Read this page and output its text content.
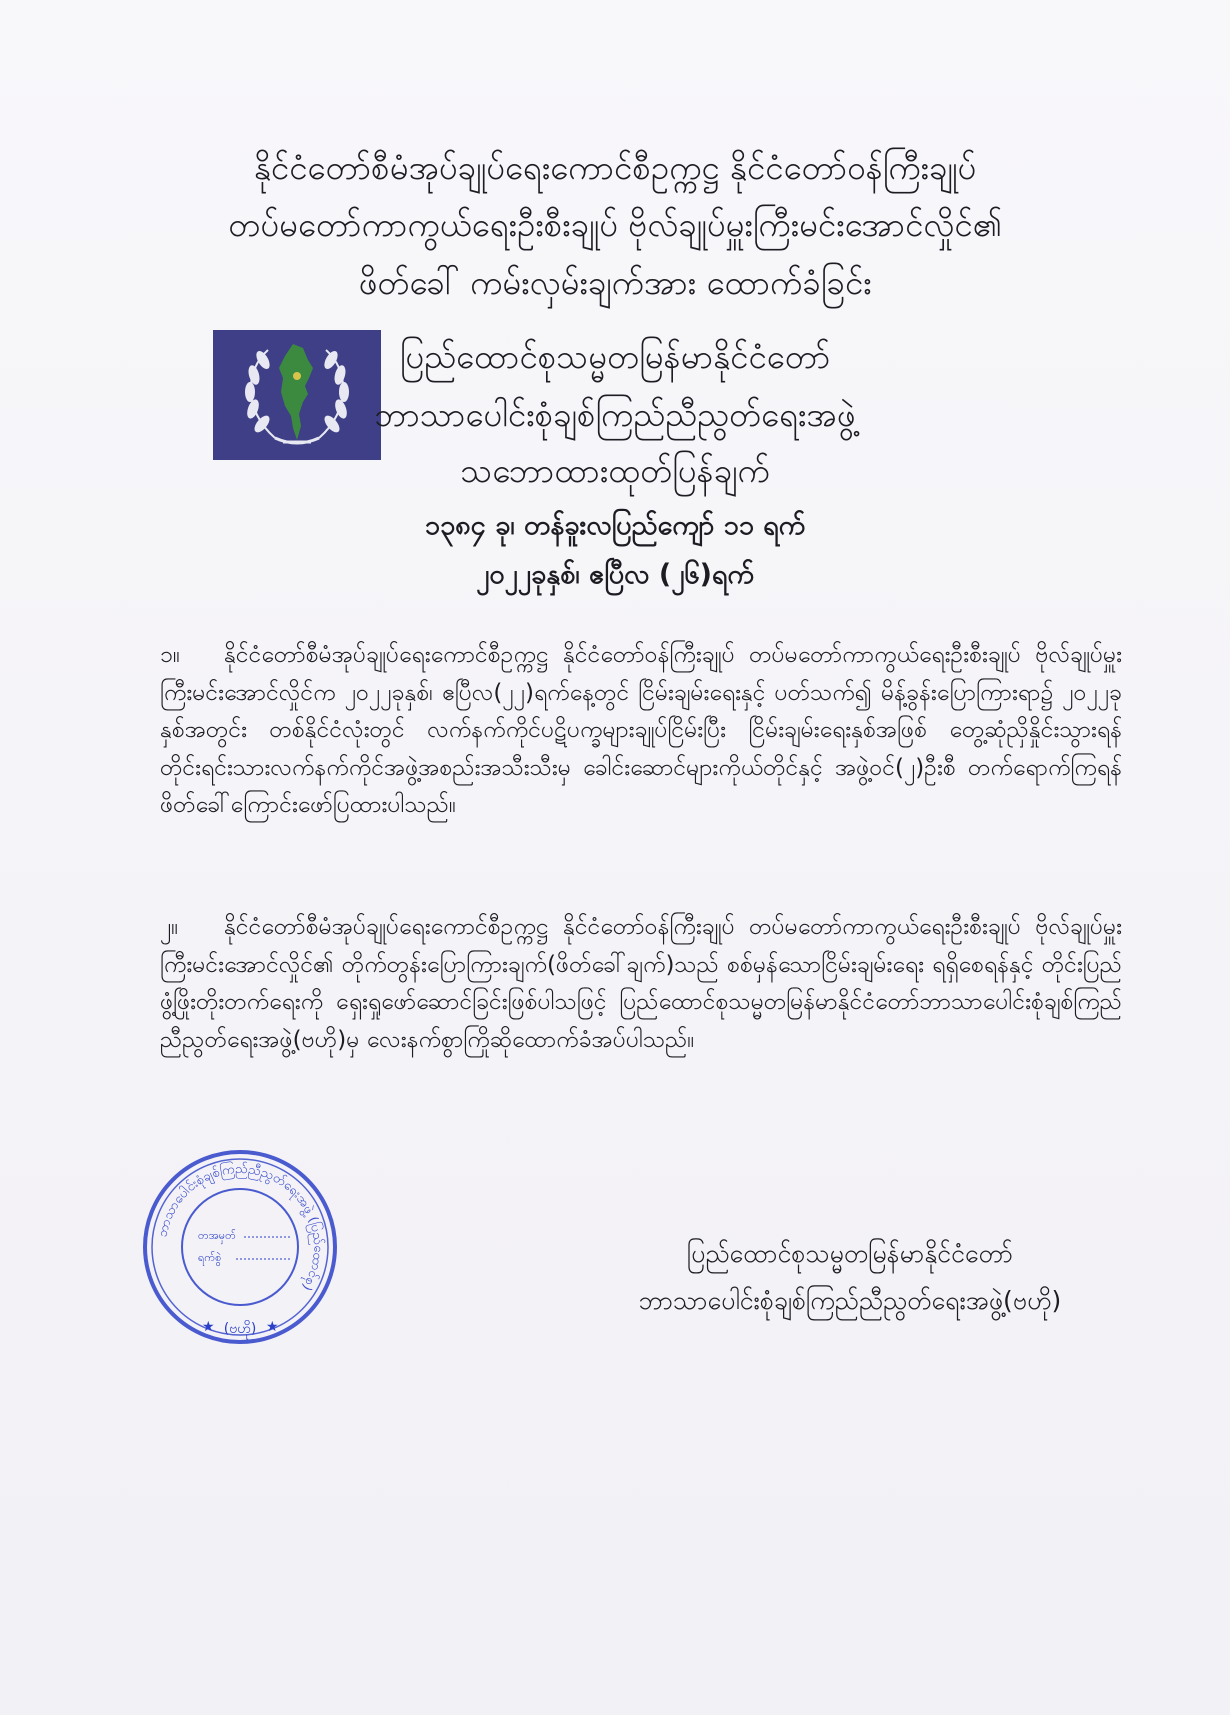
နိုင်ငံတော်စီမံအုပ်ချုပ်ရေးကောင်စီဥက္ကဋ္ဌ နိုင်ငံတော်ဝန်ကြီးချုပ်
တပ်မတော်ကာကွယ်ရေးဦးစီးချုပ် ဗိုလ်ချုပ်မှူးကြီးမင်းအောင်လှိုင်၏
ဖိတ်ခေါ် ကမ်းလှမ်းချက်အား ထောက်ခံခြင်း
ပြည်ထောင်စုသမ္မတမြန်မာနိုင်ငံတော်
ဘာသာပေါင်းစုံချစ်ကြည်ညီညွတ်ရေးအဖွဲ့
သဘောထားထုတ်ပြန်ချက်
၁၃၈၄ ခု၊ တန်ခူးလပြည်ကျော် ၁၁ ရက်
၂၀၂၂ခုနှစ်၊ ဧပြီလ (၂၆)ရက်
၁။ နိုင်ငံတော်စီမံအုပ်ချုပ်ရေးကောင်စီဥက္ကဋ္ဌ နိုင်ငံတော်ဝန်ကြီးချုပ် တပ်မတော်ကာကွယ်ရေးဦးစီးချုပ် ဗိုလ်ချုပ်မှူးကြီးမင်းအောင်လှိုင်က ၂၀၂၂ခုနှစ်၊ ဧပြီလ(၂၂)ရက်နေ့တွင် ငြိမ်းချမ်းရေးနှင့် ပတ်သက်၍ မိန့်ခွန်းပြောကြားရာ၌ ၂၀၂၂ခုနှစ်အတွင်း တစ်နိုင်ငံလုံးတွင် လက်နက်ကိုင်ပဋိပက္ခများချုပ်ငြိမ်းပြီး ငြိမ်းချမ်းရေးနှစ်အဖြစ် တွေ့ဆုံညှိနှိုင်းသွားရန် တိုင်းရင်းသားလက်နက်ကိုင်အဖွဲ့အစည်းအသီးသီးမှ ခေါင်းဆောင်များကိုယ်တိုင်နှင့် အဖွဲ့ဝင်(၂)ဦးစီ တက်ရောက်ကြရန် ဖိတ်ခေါ်ကြောင်းဖော်ပြထားပါသည်။
၂။ နိုင်ငံတော်စီမံအုပ်ချုပ်ရေးကောင်စီဥက္ကဋ္ဌ နိုင်ငံတော်ဝန်ကြီးချုပ် တပ်မတော်ကာကွယ်ရေးဦးစီးချုပ် ဗိုလ်ချုပ်မှူးကြီးမင်းအောင်လှိုင်၏ တိုက်တွန်းပြောကြားချက်(ဖိတ်ခေါ်ချက်)သည် စစ်မှန်သောငြိမ်းချမ်းရေး ရရှိစေရန်နှင့် တိုင်းပြည်ဖွံ့ဖြိုးတိုးတက်ရေးကို ရှေးရှုဖော်ဆောင်ခြင်းဖြစ်ပါသဖြင့် ပြည်ထောင်စုသမ္မတမြန်မာနိုင်ငံတော်ဘာသာပေါင်းစုံချစ်ကြည်ညီညွတ်ရေးအဖွဲ့(ဗဟို)မှ လေးနက်စွာကြိုဆိုထောက်ခံအပ်ပါသည်။
ဘာသာပေါင်းစုံချစ်ကြည်ညီညွတ်ရေးအဖွဲ့ (ပြည်ထောင်စု)
(ဗဟို)
★	★
တအမှတ်
ရက်စွဲ	ပြည်ထောင်စုသမ္မတမြန်မာနိုင်ငံတော်
ဘာသာပေါင်းစုံချစ်ကြည်ညီညွတ်ရေးအဖွဲ့(ဗဟို)
